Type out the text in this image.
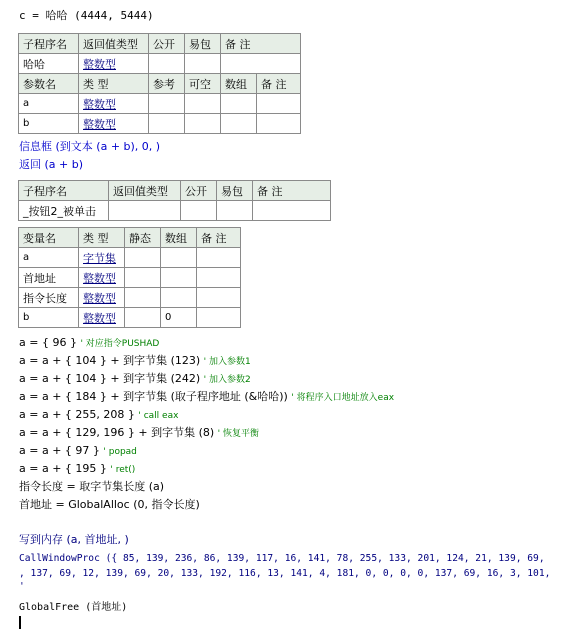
c = 哈哈 (4444, 5444)
子程序名	返回值类型	公开	易包	备 注
哈哈	整数型			
参数名	类 型	参考	可空	数组	备 注
a	整数型				
b	整数型				
信息框 (到文本 (a + b), 0, )
返回 (a + b)
子程序名	返回值类型	公开	易包	备 注
_按钮2_被单击				
变量名	类 型	静态	数组	备 注
a	字节集			
首地址	整数型			
指令长度	整数型			
b	整数型		0	
a = { 96 } ' 对应指令PUSHAD
a = a + { 104 } + 到字节集 (123) ' 加入参数1
a = a + { 104 } + 到字节集 (242) ' 加入参数2
a = a + { 184 } + 到字节集 (取子程序地址 (&哈哈)) ' 将程序入口地址放入eax
a = a + { 255, 208 } ' call eax
a = a + { 129, 196 } + 到字节集 (8) ' 恢复平衡
a = a + { 97 } ' popad
a = a + { 195 } ' ret()
指令长度 = 取字节集长度 (a)
首地址 = GlobalAlloc (0, 指令长度)
写到内存 (a, 首地址, )
CallWindowProc ({ 85, 139, 236, 86, 139, 117, 16, 141, 78, 255, 133, 201, 124, 21, 139, 69,
, 137, 69, 12, 139, 69, 20, 133, 192, 116, 13, 141, 4, 181, 0, 0, 0, 0, 137, 69, 16, 3, 101,
'
GlobalFree (首地址)
